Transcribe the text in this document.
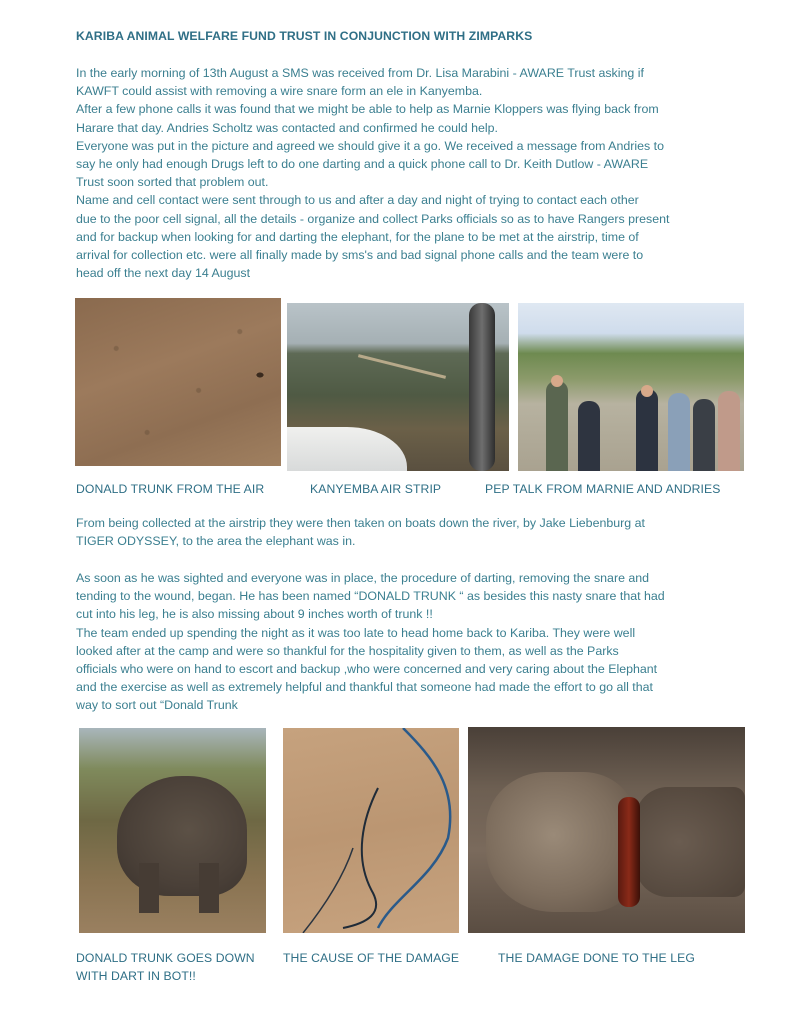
KARIBA ANIMAL WELFARE FUND TRUST IN CONJUNCTION WITH ZIMPARKS

In the early morning of 13th August a SMS was received from Dr. Lisa Marabini - AWARE Trust asking if

KAWFT could assist with removing a wire snare form an ele in Kanyemba.

After a few phone calls it was found that we might be able to help as Marnie Kloppers was flying back from

Harare that day. Andries Scholtz was contacted and confirmed he could help.

Everyone was put in the picture and agreed we should give it a go. We received a message from Andries to

say he only had enough Drugs left to do one darting and a quick phone call to Dr. Keith Dutlow - AWARE

Trust soon sorted that problem out.

Name and cell contact were sent through to us and after a day and night of trying to contact each other

due to the poor cell signal, all the details - organize and collect Parks officials so as to have Rangers present

and for backup when looking for and darting the elephant, for the plane to be met at the airstrip, time of

arrival for collection etc. were all finally made by sms's and bad signal phone calls and the team were to

head off the next day 14 August

DONALD TRUNK FROM THE AIR	KANYEMBA AIR STRIP	PEP TALK FROM MARNIE AND ANDRIES

From being collected at the airstrip they were then taken on boats down the river, by Jake Liebenburg at

TIGER ODYSSEY, to the area the elephant was in.

As soon as he was sighted and everyone was in place, the procedure of darting, removing the snare and

tending to the wound, began. He has been named “DONALD TRUNK “ as besides this nasty snare that had

cut into his leg, he is also missing about 9 inches worth of trunk !!

The team ended up spending the night as it was too late to head home back to Kariba. They were well

looked after at the camp and were so thankful for the hospitality given to them, as well as the Parks

officials who were on hand to escort and backup ,who were concerned and very caring about the Elephant

and the exercise as well as extremely helpful and thankful that someone had made the effort to go all that

way to sort out “Donald Trunk

DONALD TRUNK GOES DOWN
WITH DART IN BOT!!
THE CAUSE OF THE DAMAGE	THE DAMAGE DONE TO THE LEG
